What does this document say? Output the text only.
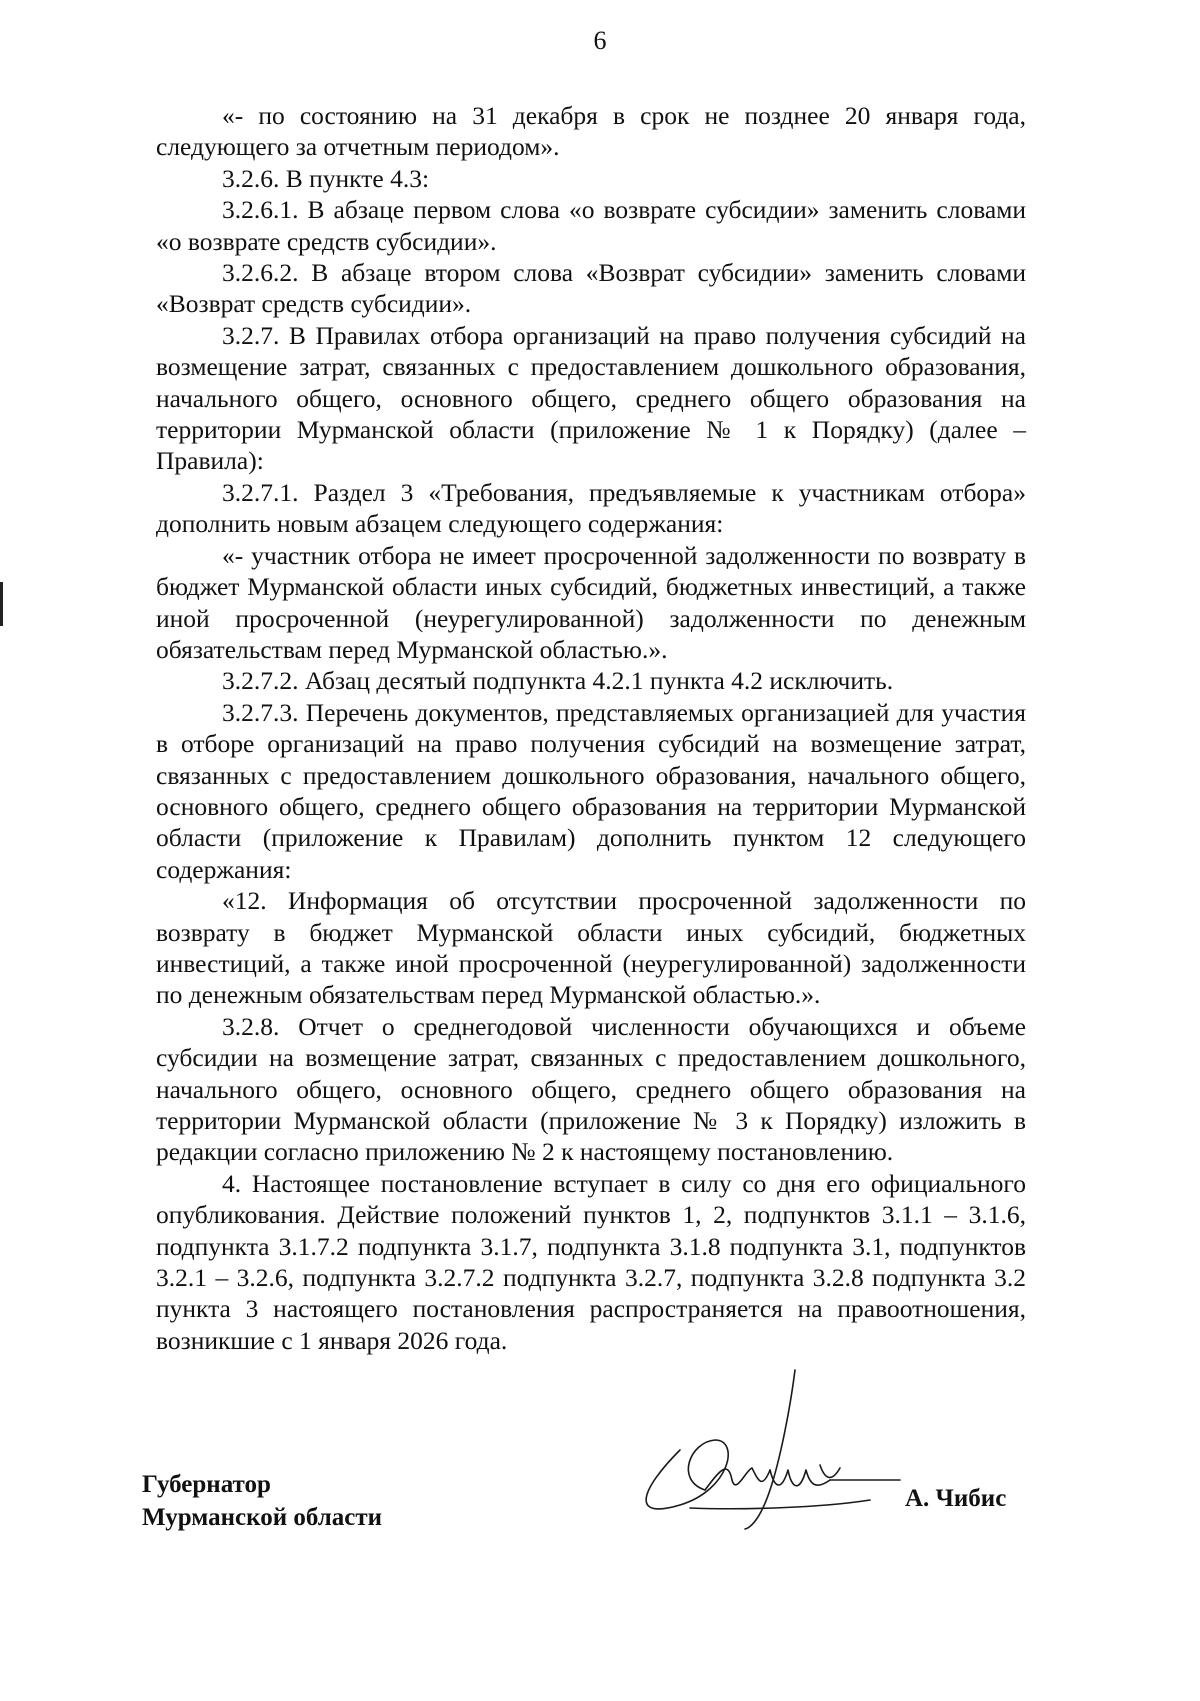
6

«- по состоянию на 31 декабря в срок не позднее 20 января года, следующего за отчетным периодом».

3.2.6. В пункте 4.3:

3.2.6.1. В абзаце первом слова «о возврате субсидии» заменить словами «о возврате средств субсидии».

3.2.6.2. В абзаце втором слова «Возврат субсидии» заменить словами «Возврат средств субсидии».

3.2.7. В Правилах отбора организаций на право получения субсидий на возмещение затрат, связанных с предоставлением дошкольного образования, начального общего, основного общего, среднего общего образования на территории Мурманской области (приложение № 1 к Порядку) (далее – Правила):

3.2.7.1. Раздел 3 «Требования, предъявляемые к участникам отбора» дополнить новым абзацем следующего содержания:

«- участник отбора не имеет просроченной задолженности по возврату в бюджет Мурманской области иных субсидий, бюджетных инвестиций, а также иной просроченной (неурегулированной) задолженности по денежным обязательствам перед Мурманской областью.».

3.2.7.2. Абзац десятый подпункта 4.2.1 пункта 4.2 исключить.

3.2.7.3. Перечень документов, представляемых организацией для участия в отборе организаций на право получения субсидий на возмещение затрат, связанных с предоставлением дошкольного образования, начального общего, основного общего, среднего общего образования на территории Мурманской области (приложение к Правилам) дополнить пунктом 12 следующего содержания:

«12. Информация об отсутствии просроченной задолженности по возврату в бюджет Мурманской области иных субсидий, бюджетных инвестиций, а также иной просроченной (неурегулированной) задолженности по денежным обязательствам перед Мурманской областью.».

3.2.8. Отчет о среднегодовой численности обучающихся и объеме субсидии на возмещение затрат, связанных с предоставлением дошкольного, начального общего, основного общего, среднего общего образования на территории Мурманской области (приложение № 3 к Порядку) изложить в редакции согласно приложению № 2 к настоящему постановлению.

4. Настоящее постановление вступает в силу со дня его официального опубликования. Действие положений пунктов 1, 2, подпунктов 3.1.1 – 3.1.6, подпункта 3.1.7.2 подпункта 3.1.7, подпункта 3.1.8 подпункта 3.1, подпунктов 3.2.1 – 3.2.6, подпункта 3.2.7.2 подпункта 3.2.7, подпункта 3.2.8 подпункта 3.2 пункта 3 настоящего постановления распространяется на правоотношения, возникшие с 1 января 2026 года.

Губернатор
Мурманской области
А. Чибис
